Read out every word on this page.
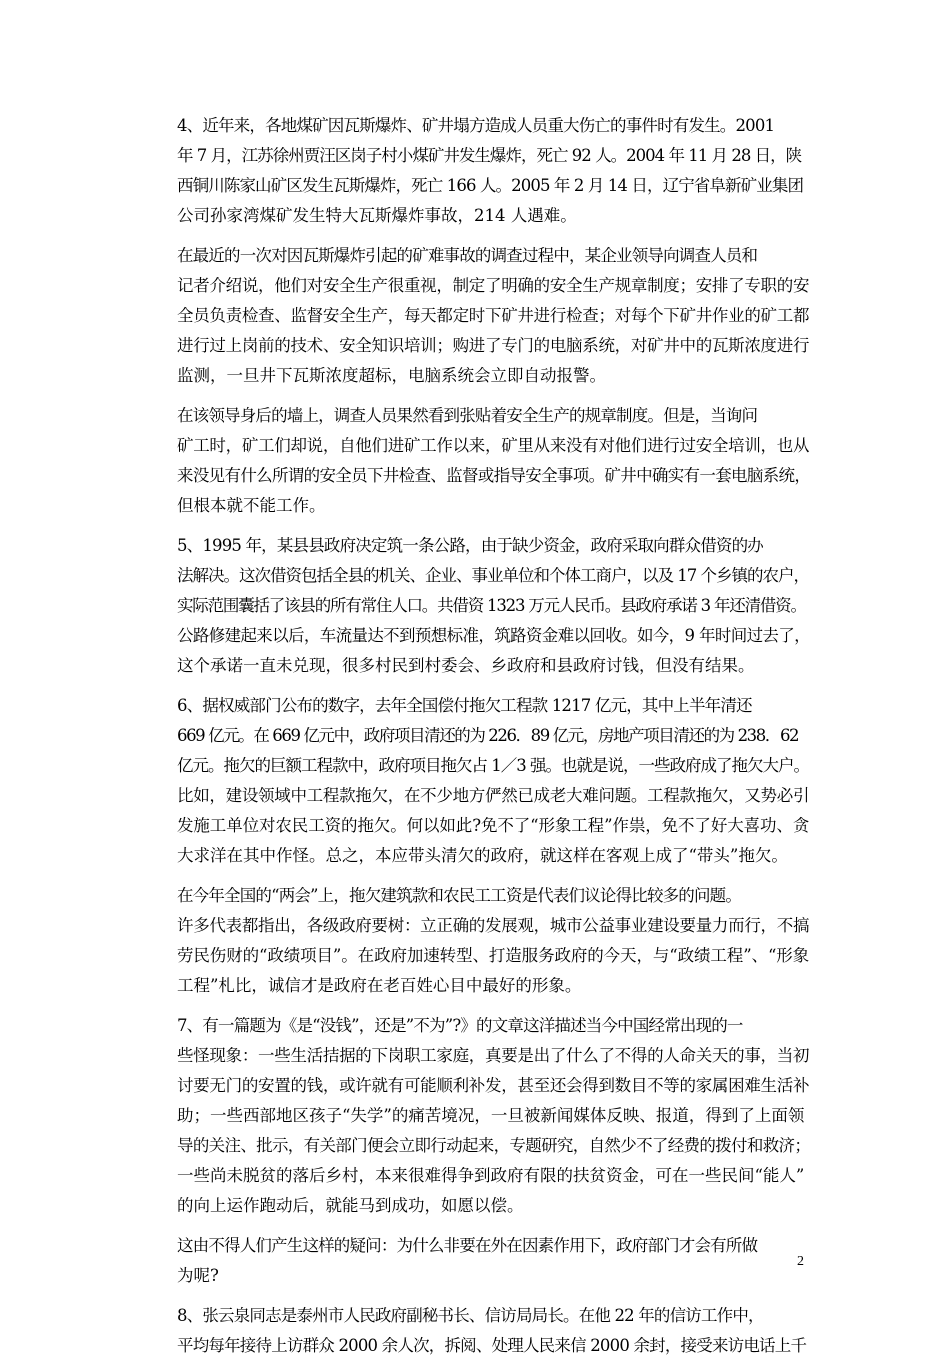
4、近年来，各地煤矿因瓦斯爆炸、矿井塌方造成人员重大伤亡的事件时有发生。2001
年 7 月，江苏徐州贾汪区岗子村小煤矿井发生爆炸，死亡 92 人。2004 年 11 月 28 日，陕
西铜川陈家山矿区发生瓦斯爆炸，死亡 166 人。2005 年 2 月 14 日，辽宁省阜新矿业集团
公司孙家湾煤矿发生特大瓦斯爆炸事故，214 人遇难。

在最近的一次对因瓦斯爆炸引起的矿难事故的调查过程中，某企业领导向调查人员和
记者介绍说，他们对安全生产很重视，制定了明确的安全生产规章制度；安排了专职的安
全员负责检查、监督安全生产，每天都定时下矿井进行检查；对每个下矿井作业的矿工都
进行过上岗前的技术、安全知识培训；购进了专门的电脑系统，对矿井中的瓦斯浓度进行
监测，一旦井下瓦斯浓度超标，电脑系统会立即自动报警。

在该领导身后的墙上，调查人员果然看到张贴着安全生产的规章制度。但是，当询问
矿工时，矿工们却说，自他们进矿工作以来，矿里从来没有对他们进行过安全培训，也从
来没见有什么所谓的安全员下井检查、监督或指导安全事项。矿井中确实有一套电脑系统，
但根本就不能工作。

5、1995 年，某县县政府决定筑一条公路，由于缺少资金，政府采取向群众借资的办
法解决。这次借资包括全县的机关、企业、事业单位和个体工商户，以及 17 个乡镇的农户，
实际范围囊括了该县的所有常住人口。共借资 1323 万元人民币。县政府承诺 3 年还清借资。
公路修建起来以后，车流量达不到预想标准，筑路资金难以回收。如今，9 年时间过去了，
这个承诺一直未兑现，很多村民到村委会、乡政府和县政府讨钱，但没有结果。

6、据权威部门公布的数字，去年全国偿付拖欠工程款 1217 亿元，其中上半年清还
669 亿元。在 669 亿元中，政府项目清还的为 226．89 亿元，房地产项目清还的为 238．62
亿元。拖欠的巨额工程款中，政府项目拖欠占 1／3 强。也就是说，一些政府成了拖欠大户。
比如，建设领域中工程款拖欠，在不少地方俨然已成老大难问题。工程款拖欠，又势必引
发施工单位对农民工资的拖欠。何以如此?免不了“形象工程”作祟，免不了好大喜功、贪
大求洋在其中作怪。总之，本应带头清欠的政府，就这样在客观上成了“带头”拖欠。

在今年全国的“两会”上，拖欠建筑款和农民工工资是代表们议论得比较多的问题。
许多代表都指出，各级政府要树：立正确的发展观，城市公益事业建设要量力而行，不搞
劳民伤财的“政绩项目”。在政府加速转型、打造服务政府的今天，与“政绩工程”、“形象
工程”札比，诚信才是政府在老百姓心目中最好的形象。

7、有一篇题为《是“没钱”，还是”不为”?》的文章这洋描述当今中国经常出现的一
些怪现象：一些生活拮据的下岗职工家庭，真要是出了什么了不得的人命关天的事，当初
讨要无门的安置的钱，或许就有可能顺利补发，甚至还会得到数目不等的家属困难生活补
助；一些西部地区孩子“失学”的痛苦境况，一旦被新闻媒体反映、报道，得到了上面领
导的关注、批示，有关部门便会立即行动起来，专题研究，自然少不了经费的拨付和救济；
一些尚未脱贫的落后乡村，本来很难得争到政府有限的扶贫资金，可在一些民间“能人”
的向上运作跑动后，就能马到成功，如愿以偿。

这由不得人们产生这样的疑问：为什么非要在外在因素作用下，政府部门才会有所做
为呢?

8、张云泉同志是泰州市人民政府副秘书长、信访局局长。在他 22 年的信访工作中，
平均每年接待上访群众 2000 余人次，拆阅、处理人民来信 2000 余封，接受来访电话上千

2
